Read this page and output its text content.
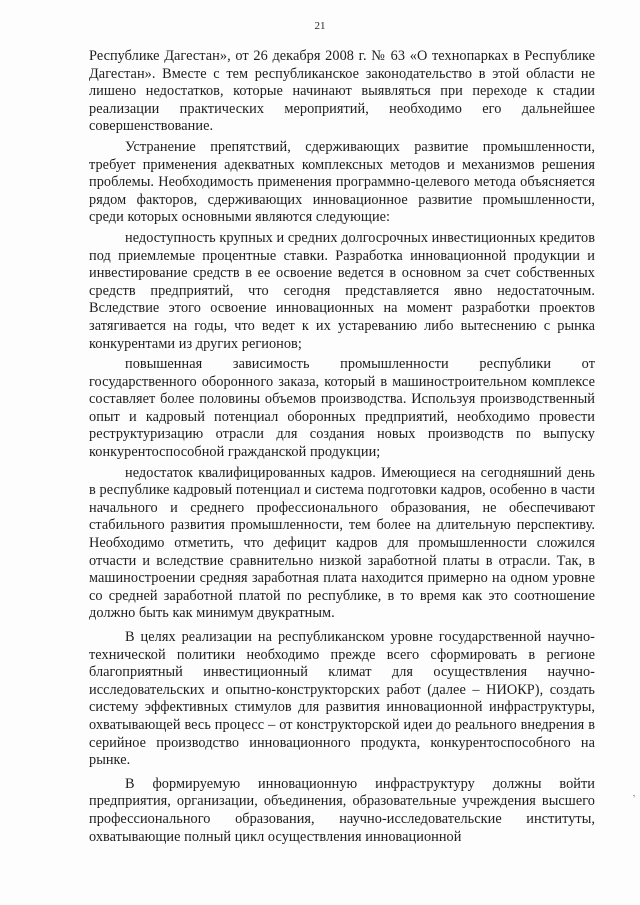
21

Республике Дагестан», от 26 декабря 2008 г. № 63 «О технопарках в Республике Дагестан». Вместе с тем республиканское законодательство в этой области не лишено недостатков, которые начинают выявляться при переходе к стадии реализации практических мероприятий, необходимо его дальнейшее совершенствование.

Устранение препятствий, сдерживающих развитие промышленности, требует применения адекватных комплексных методов и механизмов решения проблемы. Необходимость применения программно-целевого метода объясняется рядом факторов, сдерживающих инновационное развитие промышленности, среди которых основными являются следующие:

недоступность крупных и средних долгосрочных инвестиционных кредитов под приемлемые процентные ставки. Разработка инновационной продукции и инвестирование средств в ее освоение ведется в основном за счет собственных средств предприятий, что сегодня представляется явно недостаточным. Вследствие этого освоение инновационных на момент разработки проектов затягивается на годы, что ведет к их устареванию либо вытеснению с рынка конкурентами из других регионов;

повышенная зависимость промышленности республики от государственного оборонного заказа, который в машиностроительном комплексе составляет более половины объемов производства. Используя производственный опыт и кадровый потенциал оборонных предприятий, необходимо провести реструктуризацию отрасли для создания новых производств по выпуску конкурентоспособной гражданской продукции;

недостаток квалифицированных кадров. Имеющиеся на сегодняшний день в республике кадровый потенциал и система подготовки кадров, особенно в части начального и среднего профессионального образования, не обеспечивают стабильного развития промышленности, тем более на длительную перспективу. Необходимо отметить, что дефицит кадров для промышленности сложился отчасти и вследствие сравнительно низкой заработной платы в отрасли. Так, в машиностроении средняя заработная плата находится примерно на одном уровне со средней заработной платой по республике, в то время как это соотношение должно быть как минимум двукратным.

В целях реализации на республиканском уровне государственной научно-технической политики необходимо прежде всего сформировать в регионе благоприятный инвестиционный климат для осуществления научно-исследовательских и опытно-конструкторских работ (далее – НИОКР), создать систему эффективных стимулов для развития инновационной инфраструктуры, охватывающей весь процесс – от конструкторской идеи до реального внедрения в серийное производство инновационного продукта, конкурентоспособного на рынке.

В формируемую инновационную инфраструктуру должны войти предприятия, организации, объединения, образовательные учреждения высшего профессионального образования, научно-исследовательские институты, охватывающие полный цикл осуществления инновационной

,
